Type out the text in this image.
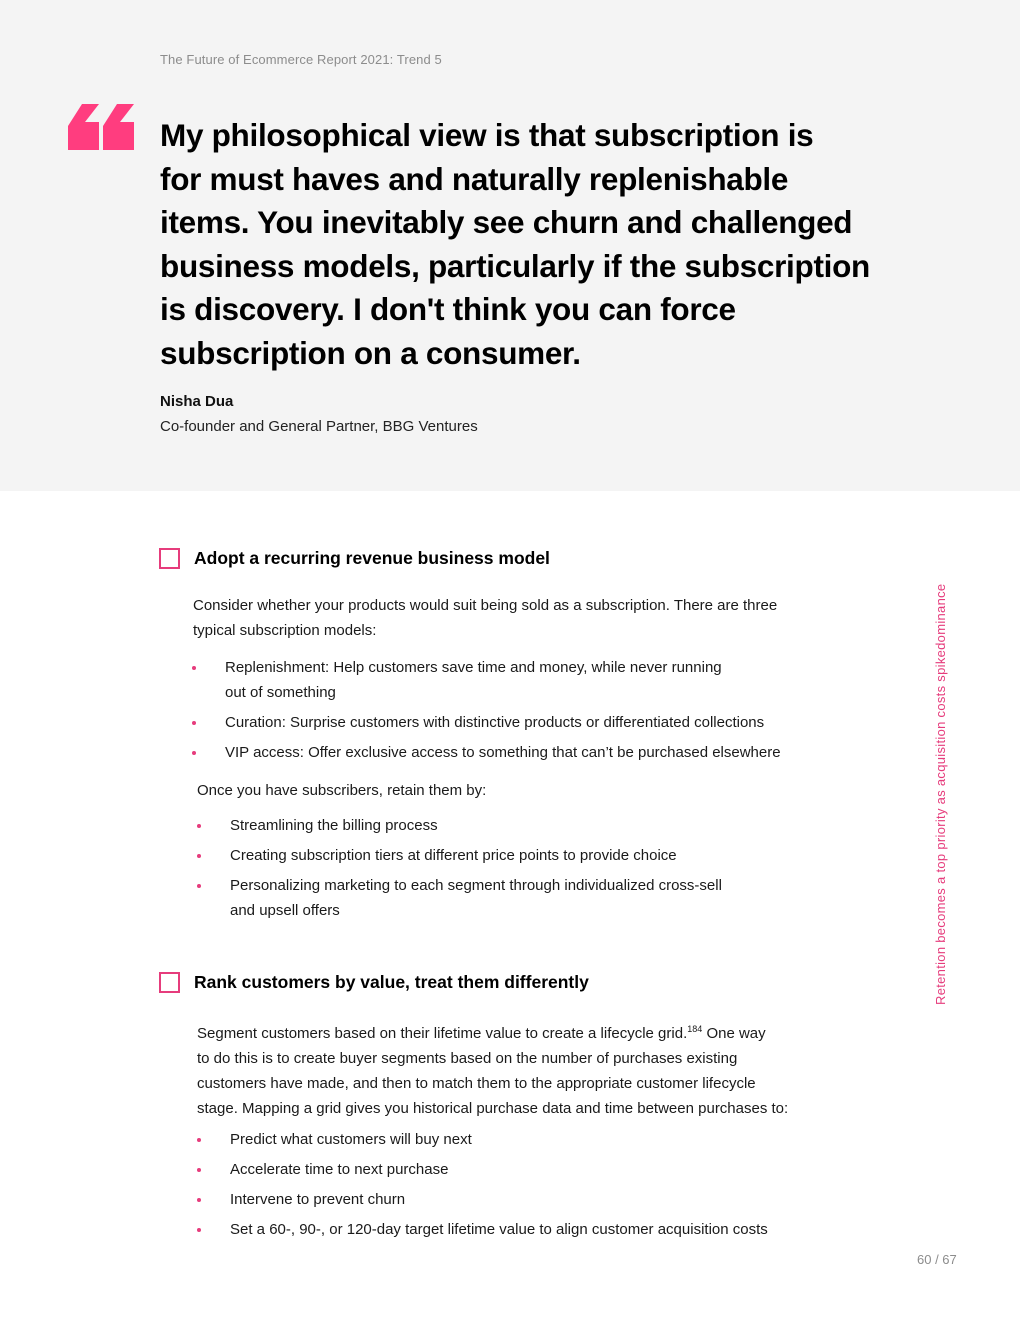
The Future of Ecommerce Report 2021: Trend 5
My philosophical view is that subscription is
for must haves and naturally replenishable
items. You inevitably see churn and challenged
business models, particularly if the subscription
is discovery. I don't think you can force
subscription on a consumer.
Nisha Dua
Co-founder and General Partner, BBG Ventures
Adopt a recurring revenue business model
Consider whether your products would suit being sold as a subscription. There are three
typical subscription models:
Replenishment: Help customers save time and money, while never running
out of something
Curation: Surprise customers with distinctive products or differentiated collections
VIP access: Offer exclusive access to something that can’t be purchased elsewhere
Once you have subscribers, retain them by:
Streamlining the billing process
Creating subscription tiers at different price points to provide choice
Personalizing marketing to each segment through individualized cross-sell
and upsell offers
Rank customers by value, treat them differently
Segment customers based on their lifetime value to create a lifecycle grid.$^{184}$ One way
to do this is to create buyer segments based on the number of purchases existing
customers have made, and then to match them to the appropriate customer lifecycle
stage. Mapping a grid gives you historical purchase data and time between purchases to:
Predict what customers will buy next
Accelerate time to next purchase
Intervene to prevent churn
Set a 60-, 90-, or 120-day target lifetime value to align customer acquisition costs
Retention becomes a top priority as acquisition costs spikedominance
60 / 67
